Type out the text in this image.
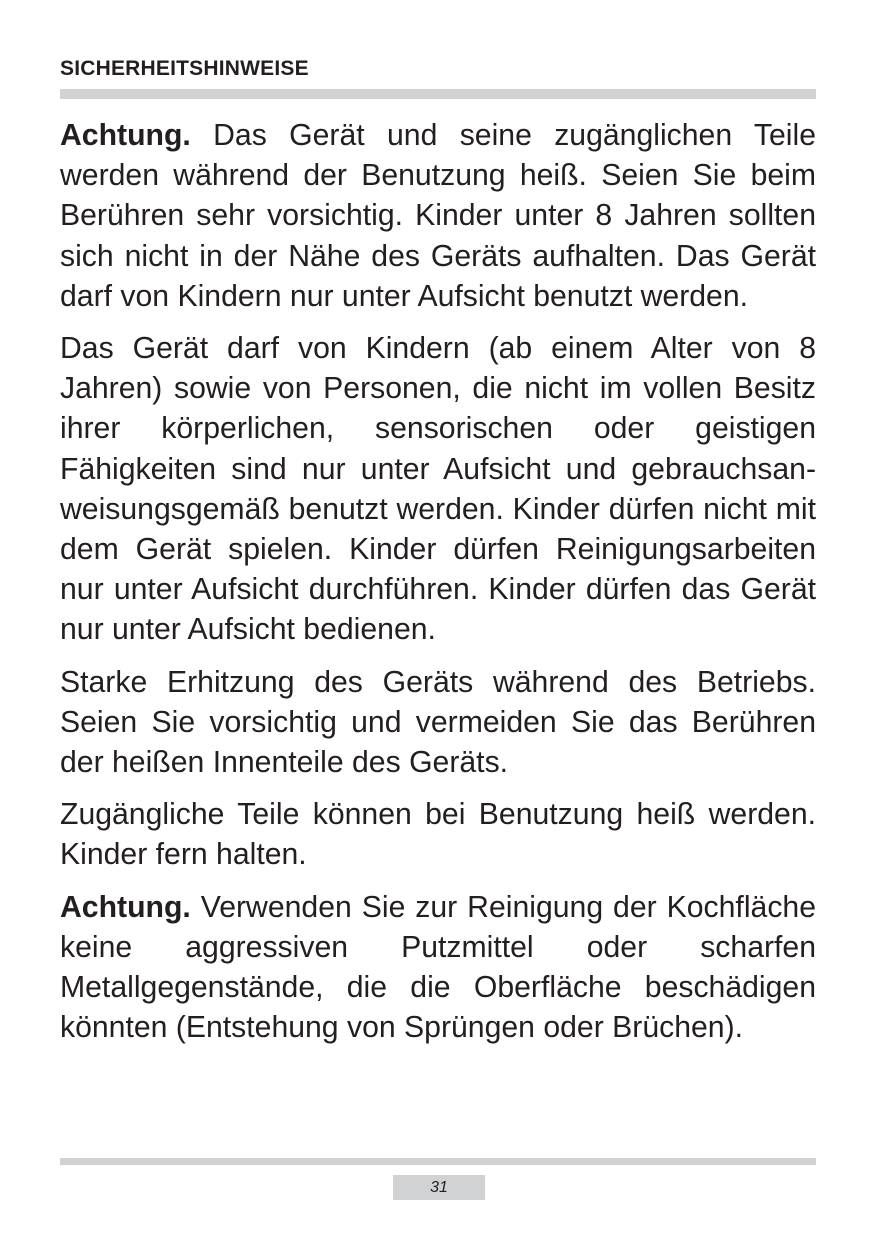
SICHERHEITSHINWEISE

Achtung. Das Gerät und seine zugänglichen Teile werden während der Benutzung heiß. Seien Sie beim Berühren sehr vorsichtig. Kinder unter 8 Jahren sollten sich nicht in der Nähe des Geräts aufhalten. Das Gerät darf von Kindern nur unter Aufsicht benutzt werden.

Das Gerät darf von Kindern (ab einem Alter von 8 Jahren) sowie von Personen, die nicht im vollen Besitz ihrer körperlichen, sensorischen oder geistigen Fähigkeiten sind nur unter Aufsicht und gebrauchsanweisungsgemäß benutzt werden. Kinder dürfen nicht mit dem Gerät spielen. Kinder dürfen Reinigungsarbeiten nur unter Aufsicht durchführen. Kinder dürfen das Gerät nur unter Aufsicht bedienen.

Starke Erhitzung des Geräts während des Betriebs. Seien Sie vorsichtig und vermeiden Sie das Berühren der heißen Innenteile des Geräts.

Zugängliche Teile können bei Benutzung heiß werden. Kinder fern halten.

Achtung. Verwenden Sie zur Reinigung der Kochfläche keine aggressiven Putzmittel oder scharfen Metallgegenstände, die die Oberfläche beschädigen könnten (Entstehung von Sprüngen oder Brüchen).

31
